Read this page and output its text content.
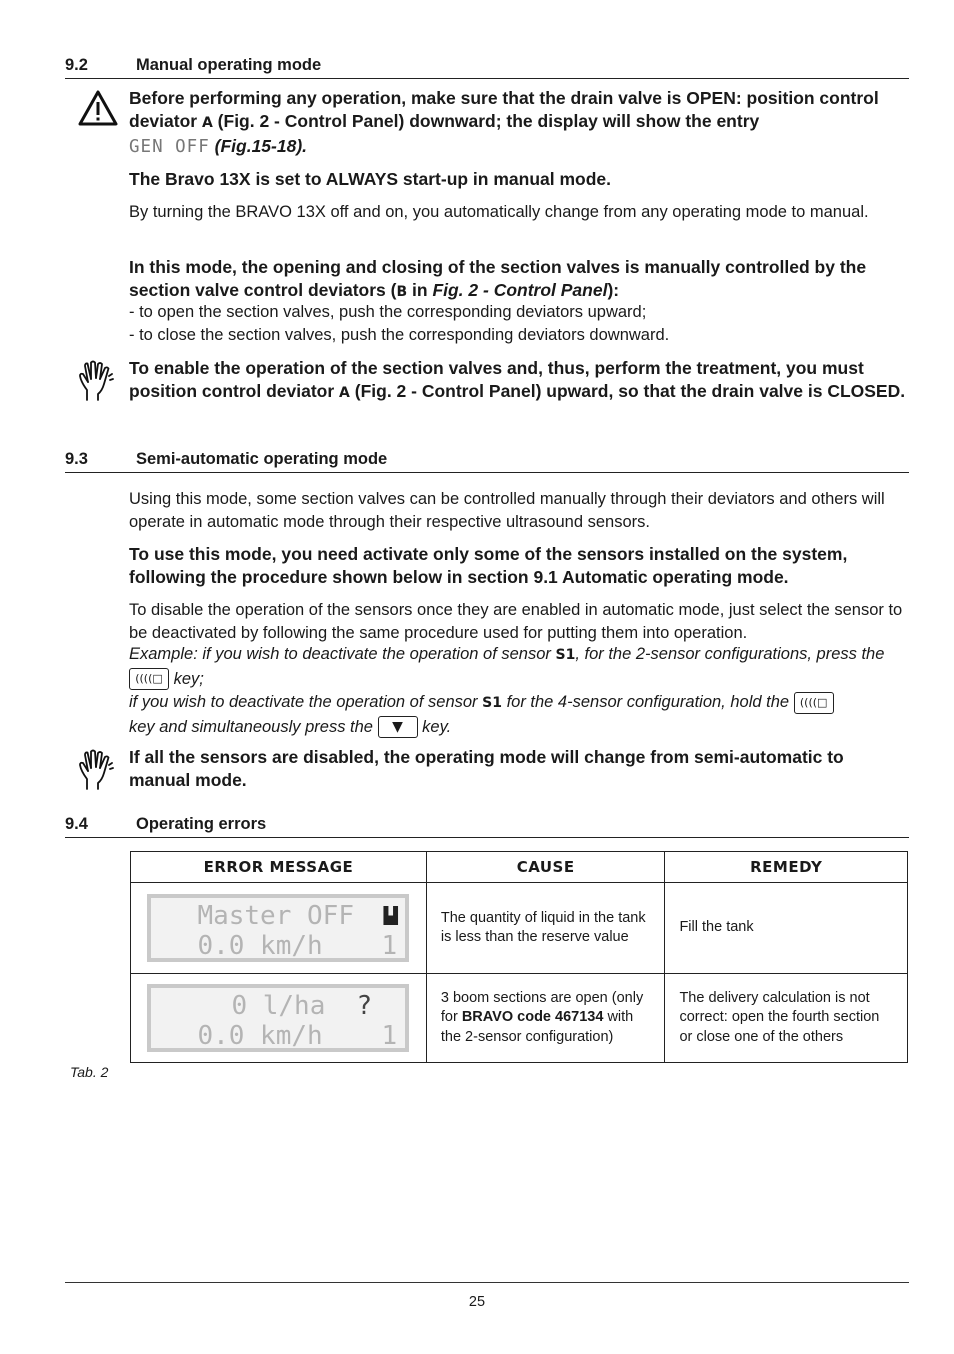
9.2	Manual operating mode
Before performing any operation, make sure that the drain valve is OPEN: position control deviator A (Fig. 2 - Control Panel) downward; the display will show the entry
GEN OFF (Fig.15-18).
The Bravo 13X is set to ALWAYS start-up in manual mode.
By turning the BRAVO 13X off and on, you automatically change from any operating mode to manual.
In this mode, the opening and closing of the section valves is manually controlled by the section valve control deviators (B in Fig. 2 - Control Panel):
- to open the section valves, push the corresponding deviators upward;
- to close the section valves, push the corresponding deviators downward.
To enable the operation of the section valves and, thus, perform the treatment, you must position control deviator A (Fig. 2 - Control Panel) upward, so that the drain valve is CLOSED.
9.3	Semi-automatic operating mode
Using this mode, some section valves can be controlled manually through their deviators and others will operate in automatic mode through their respective ultrasound sensors.
To use this mode, you need activate only some of the sensors installed on the system, following the procedure shown below in section 9.1 Automatic operating mode.
To disable the operation of the sensors once they are enabled in automatic mode, just select the sensor to be deactivated by following the same procedure used for putting them into operation.
Example: if you wish to deactivate the operation of sensor S1, for the 2-sensor configurations, press the ((((□ key;
if you wish to deactivate the operation of sensor S1 for the 4-sensor configuration, hold the ((((□
key and simultaneously press the ▼ key.
If all the sensors are disabled, the operating mode will change from semi-automatic to manual mode.
9.4	Operating errors
ERROR MESSAGE	CAUSE	REMEDY

Master OFF ▙▟
0.0 km/h 1	The quantity of liquid in the tank is less than the reserve value	Fill the tank

0 l/ha ?
0.0 km/h 1	3 boom sections are open (only for BRAVO code 467134 with the 2-sensor configuration)	The delivery calculation is not correct: open the fourth section or close one of the others
Tab. 2
25
